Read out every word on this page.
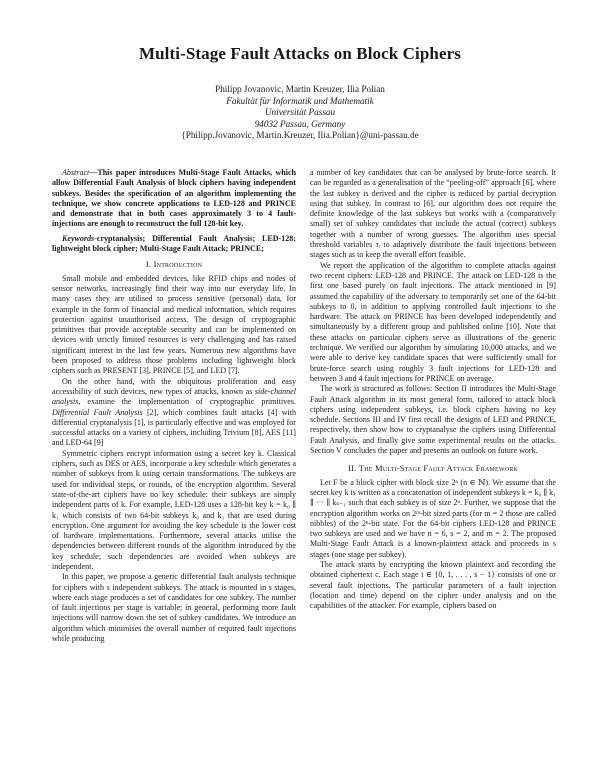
Multi-Stage Fault Attacks on Block Ciphers
Philipp Jovanovic, Martin Kreuzer, Ilia Polian
Fakultät für Informatik und Mathematik
Universität Passau
94032 Passau, Germany
{Philipp.Jovanovic, Martin.Kreuzer, Ilia.Polian}@uni-passau.de

Abstract—This paper introduces Multi-Stage Fault Attacks, which allow Differential Fault Analysis of block ciphers having independent subkeys. Besides the specification of an algorithm implementing the technique, we show concrete applications to LED-128 and PRINCE and demonstrate that in both cases approximately 3 to 4 fault-injections are enough to reconstruct the full 128-bit key.

Keywords-cryptanalysis; Differential Fault Analysis; LED-128; lightweight block cipher; Multi-Stage Fault Attack; PRINCE;

I. Introduction

Small mobile and embedded devices, like RFID chips and nodes of sensor networks, increasingly find their way into our everyday life. In many cases they are utilised to process sensitive (personal) data, for example in the form of financial and medical information, which requires protection against unauthorised access. The design of cryptographic primitives that provide acceptable security and can be implemented on devices with strictly limited resources is very challenging and has raised significant interest in the last few years. Numerous new algorithms have been proposed to address those problems including lightweight block ciphers such as PRESENT [3], PRINCE [5], and LED [7].

On the other hand, with the ubiquitous proliferation and easy accessibility of such devices, new types of attacks, known as side-channel analysis, examine the implementation of cryptographic primitives. Differential Fault Analysis [2], which combines fault attacks [4] with differential cryptanalysis [1], is particularly effective and was employed for successful attacks on a variety of ciphers, including Trivium [8], AES [11] and LED-64 [9]

Symmetric ciphers encrypt information using a secret key k. Classical ciphers, such as DES or AES, incorporate a key schedule which generates a number of subkeys from k using certain transformations. The subkeys are used for individual steps, or rounds, of the encryption algorithm. Several state-of-the-art ciphers have no key schedule: their subkeys are simply independent parts of k. For example, LED-128 uses a 128-bit key k = k₀ ∥ k₁ which consists of two 64-bit subkeys k₀ and k₁ that are used during encryption. One argument for avoiding the key schedule is the lower cost of hardware implementations. Furthermore, several attacks utilise the dependencies between different rounds of the algorithm introduced by the key schedule; such dependencies are avoided when subkeys are independent.

In this paper, we propose a generic differential fault analysis technique for ciphers with s independent subkeys. The attack is mounted in s stages, where each stage produces a set of candidates for one subkey. The number of fault injections per stage is variable; in general, performing more fault injections will narrow down the set of subkey candidates. We introduce an algorithm which minimises the overall number of required fault injections while producing

a number of key candidates that can be analysed by brute-force search. It can be regarded as a generalisation of the “peeling-off” approach [6], where the last subkey is derived and the cipher is reduced by partial decryption using that subkey. In contrast to [6], our algorithm does not require the definite knowledge of the last subkeys but works with a (comparatively small) set of subkey candidates that include the actual (correct) subkeys together with a number of wrong guesses. The algorithm uses special threshold variables τᵢ to adaptively distribute the fault injections between stages such as to keep the overall effort feasible.

We report the application of the algorithm to complete attacks against two recent ciphers: LED-128 and PRINCE. The attack on LED-128 is the first one based purely on fault injections. The attack mentioned in [9] assumed the capability of the adversary to temporarily set one of the 64-bit subkeys to 0, in addition to applying controlled fault injections to the hardware. The attack on PRINCE has been developed independently and simultaneously by a different group and published online [10]. Note that these attacks on particular ciphers serve as illustrations of the generic technique. We verified our algorithm by simulating 10,000 attacks, and we were able to derive key candidate spaces that were sufficiently small for brute-force search using roughly 3 fault injections for LED-128 and between 3 and 4 fault injections for PRINCE on average.

The work is structured as follows: Section II introduces the Multi-Stage Fault Attack algorithm in its most general form, tailored to attack block ciphers using independent subkeys, i.e. block ciphers having no key schedule. Sections III and IV first recall the designs of LED and PRINCE, respectively, then show how to cryptanalyse the ciphers using Differential Fault Analysis, and finally give some experimental results on the attacks. Section V concludes the paper and presents an outlook on future work.

II. The Multi-Stage Fault Attack Framework

Let F be a block cipher with block size 2ⁿ (n ∈ ℕ). We assume that the secret key k is written as a concatenation of independent subkeys k = k₀ ∥ k₁ ∥ ··· ∥ kₛ₋₁ such that each subkey is of size 2ⁿ. Further, we suppose that the encryption algorithm works on 2ᵐ-bit sized parts (for m = 2 those are called nibbles) of the 2ⁿ-bit state. For the 64-bit ciphers LED-128 and PRINCE two subkeys are used and we have n = 6, s = 2, and m = 2. The proposed Multi-Stage Fault Attack is a known-plaintext attack and proceeds in s stages (one stage per subkey).

The attack starts by encrypting the known plaintext and recording the obtained ciphertext c. Each stage i ∈ {0, 1, . . . , s − 1} consists of one or several fault injections. The particular parameters of a fault injection (location and time) depend on the cipher under analysis and on the capabilities of the attacker. For example, ciphers based on
